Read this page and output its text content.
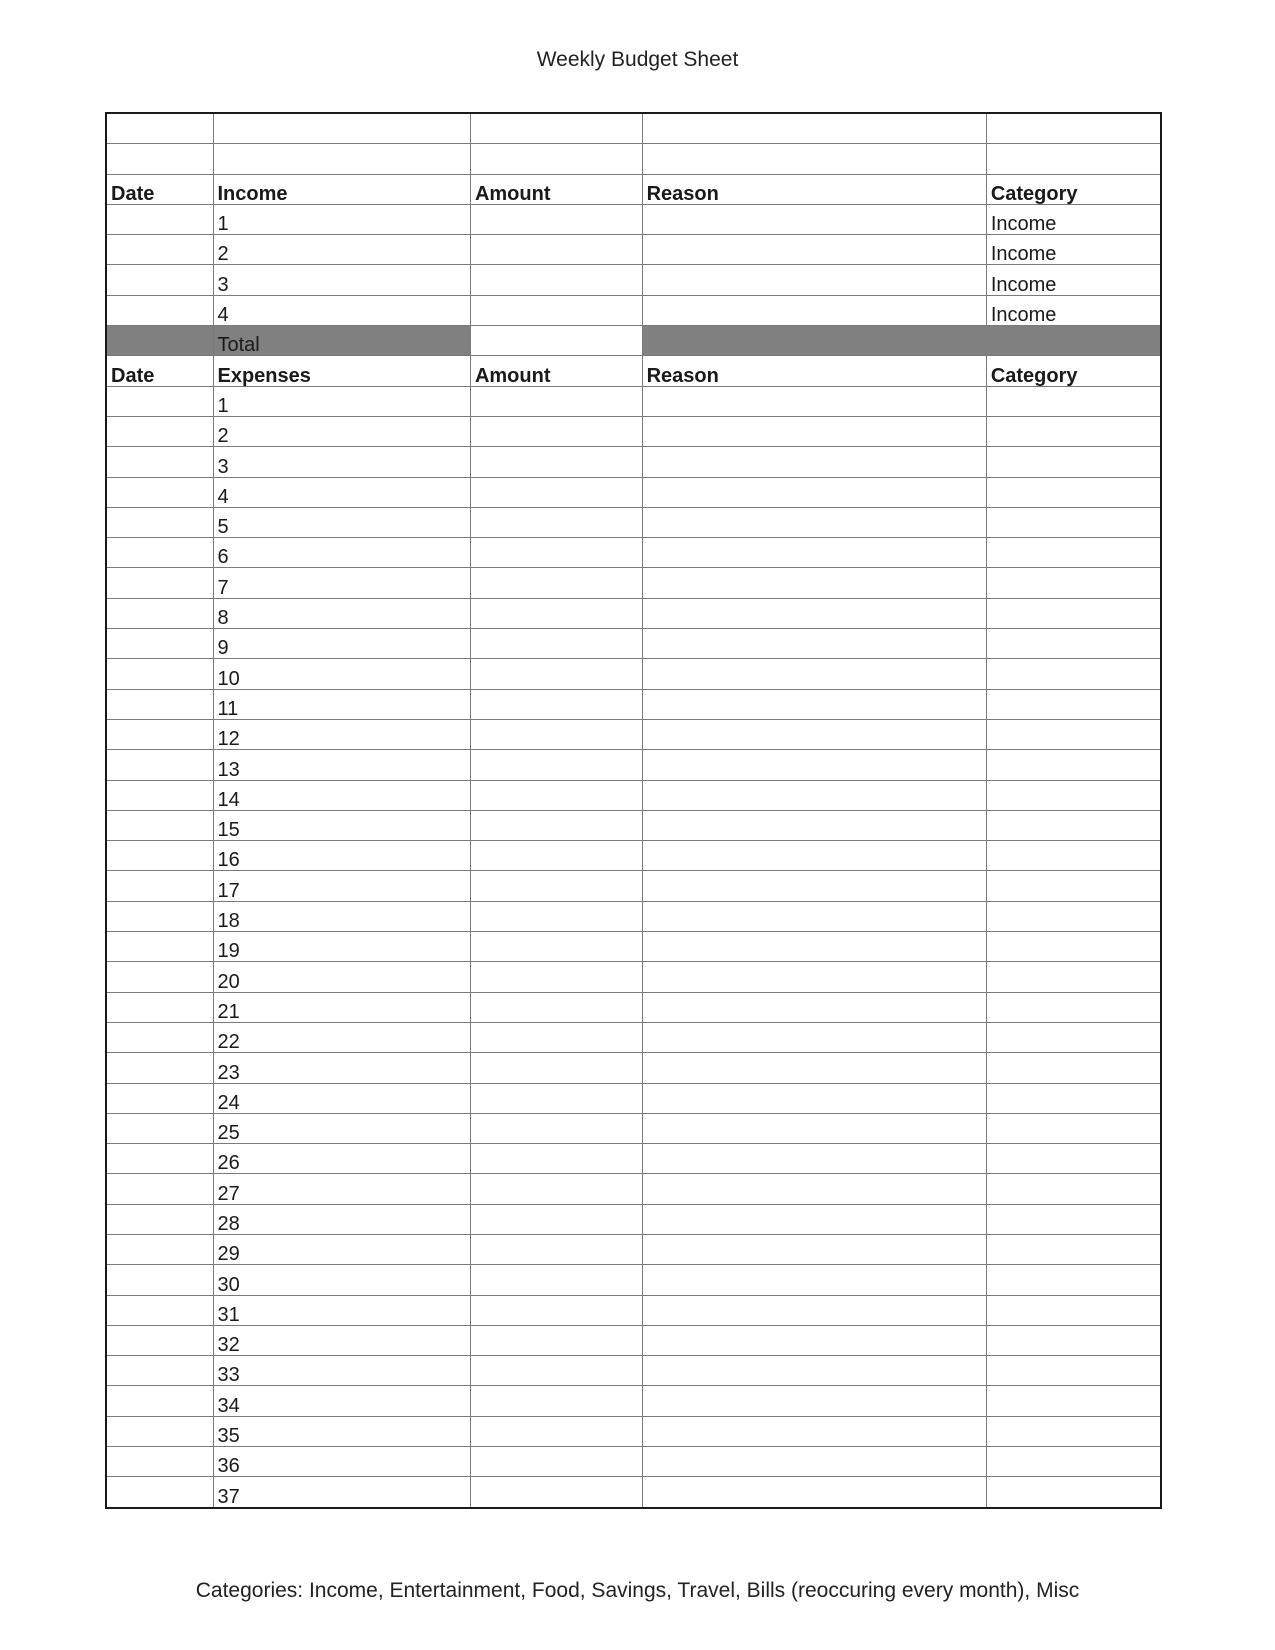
Weekly Budget Sheet

Date	Income	Amount	Reason	Category
	1			Income
	2			Income
	3			Income
	4			Income
	Total			
Date	Expenses	Amount	Reason	Category
	1			
	2			
	3			
	4			
	5			
	6			
	7			
	8			
	9			
	10			
	11			
	12			
	13			
	14			
	15			
	16			
	17			
	18			
	19			
	20			
	21			
	22			
	23			
	24			
	25			
	26			
	27			
	28			
	29			
	30			
	31			
	32			
	33			
	34			
	35			
	36			
	37			
Categories: Income, Entertainment, Food, Savings, Travel, Bills (reoccuring every month), Misc
